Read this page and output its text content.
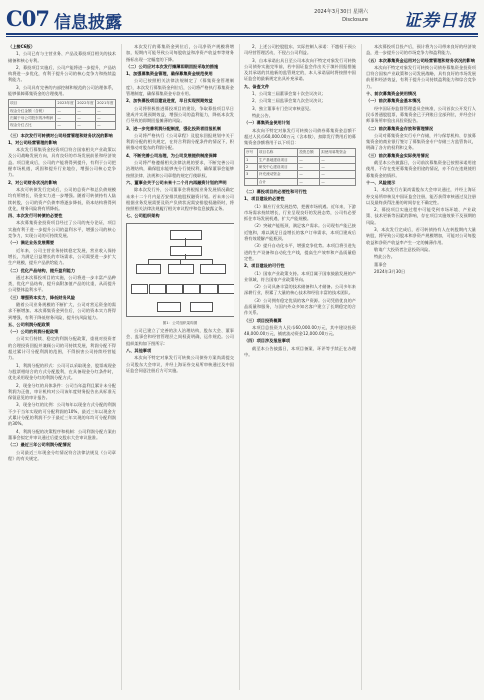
C07 信息披露
2024年3月30日 星期六
Disclosure 证券日报

（上接C6版）

1、公司已有与主营业务、产品及募投项目相关的技术储备和核心专利。

2、募投项目实施后，公司产能将进一步提升，产品结构将进一步优化，有利于提升公司的核心竞争力和持续盈利能力。

3、公司具有完善的内部控制和规范的公司治理体系，能够保障募集资金的合理使用。

项目	2023年度	2022年度	2021年度
现金分红金额（含税）	—	—	—
归属于母公司股东的净利润	—	—	—
现金分红占比	—	—	—

（三）本次发行可转债对公司经营管理和财务状况的影响

1、对公司经营管理的影响

本次发行募集资金投资项目符合国家相关产业政策以及公司战略发展方向，具有良好的市场发展前景和经济效益。项目建成后，公司的产能将得到提升，有利于公司把握市场机遇，巩固和提升行业地位，增强公司核心竞争力。

2、对公司财务状况的影响

本次可转债发行完成后，公司的总资产和总负债规模均有所增长，资金实力进一步增强。随着可转债持有人陆续转股，公司的资产负债率将逐步降低，资本结构将得到优化，财务风险将有所降低。

四、本次发行可转债的必要性

本次募集资金投资项目经过了公司的充分论证，项目实施有利于进一步提升公司的盈利水平，增强公司的核心竞争力，实现公司的可持续发展。

（一）满足业务发展需要

近年来，公司主营业务持续稳定发展，营业收入保持增长，为满足日益增长的市场需求，公司需要进一步扩大生产规模，提升产品供给能力。

（二）优化产品结构，提升盈利能力

通过本次募投项目的实施，公司将进一步丰富产品种类，优化产品结构，提升高附加值产品的比重，从而提升公司整体盈利水平。

（三）增强资本实力，降低财务风险

随着公司业务规模的不断扩大，公司对营运资金的需求不断增加。本次募集资金到位后，公司的资本实力将得到增强，有利于降低财务风险，提升抗风险能力。

五、公司利润分配政策

（一）公司的利润分配政策

公司实行持续、稳定的利润分配政策，重视对投资者的合理投资回报并兼顾公司的可持续发展，利润分配不得超过累计可分配利润的范围，不得损害公司持续经营能力。

1、利润分配的形式：公司可以采取现金、股票或现金与股票相结合的方式分配股利，在具备现金分红条件时，优先采用现金分红的利润分配方式。

2、现金分红的具体条件：公司当年盈利且累计未分配利润为正值，审计机构对公司该年度财务报告出具标准无保留意见的审计报告。

3、现金分红的比例：公司每年以现金方式分配的利润不少于当年实现的可分配利润的10%，最近三年以现金方式累计分配的利润不少于最近三年实现的年均可分配利润的30%。

4、利润分配的决策程序和机制：公司利润分配方案由董事会拟定并审议通过后提交股东大会审议批准。

（二）最近三年公司利润分配情况

公司最近三年现金分红情况符合法律法规及《公司章程》的有关规定。

本次发行的募集资金到位后，公司净资产规模将增加，短期内可能导致公司每股收益和净资产收益率等财务指标出现一定幅度的下降。

（二）公司应对本次发行摊薄即期回报采取的措施

1、加强募集资金管理，确保募集资金规范使用

公司已按照相关法律法规制定了《募集资金管理制度》，本次发行募集资金到位后，公司将严格执行募集资金管理制度，确保募集资金专款专用。

2、加快募投项目建设进度，早日实现预期效益

公司将积极推进募投项目的建设，争取募投项目早日建成并实现预期效益，增强公司的盈利能力，降低本次发行导致的即期回报摊薄的风险。

3、进一步完善利润分配制度，强化投资者回报机制

公司将严格执行《公司章程》及股东回报规划中关于利润分配的相关规定，在符合利润分配条件的情况下，积极推动对股东的利润分配。

4、不断完善公司治理，为公司发展提供制度保障

公司将严格遵循相关法律法规的要求，不断完善公司治理结构，确保股东能够充分行使权利，确保董事会能够按照法律、法规和公司章程的规定行使职权。

六、董事会关于公司未来十二个月内再融资计划的声明

除本次发行外，公司董事会将根据业务发展情况确定未来十二个月内是否安排其他股权融资计划。若未来公司根据业务发展需要及资产负债状况需安排股权融资时，将按照相关法律法规履行相关审议程序和信息披露义务。

七、公司组织架构

图1：公司组织架构图

公司已建立了完善的法人治理结构，股东大会、董事会、监事会和经营管理层之间权责明确，运作规范。公司组织架构如下图所示：

八、其他事项

本次向不特定对象发行可转换公司债券方案尚需提交公司股东大会审议，并经上海证券交易所审核通过及中国证监会同意注册后方可实施。

2、上述公司控股股东、实际控制人承诺：不越权干预公司经营管理活动，不侵占公司利益。

3、自本承诺出具日至公司本次向不特定对象发行可转换公司债券实施完毕前，若中国证监会作出关于填补回报措施及其承诺的其他新的监管规定的，本人承诺届时将按照中国证监会的最新规定出具补充承诺。

九、备查文件

1、公司第三届董事会第十次会议决议；

2、公司第三届监事会第九次会议决议；

3、独立董事专门会议审核意见。

特此公告。

（一）募集资金使用计划

本次向不特定对象发行可转换公司债券募集资金总额不超过人民币60,000.00万元（含本数），扣除发行费用后的募集资金净额将用于以下项目：

序号	项目名称	投资总额	拟使用募集资金
1	生产基地建设项目	—	—
2	研发中心建设项目	—	—
3	补充流动资金	—	—
	合计	—	—

（二）募投项目的必要性和可行性

1、项目建设的必要性

（1）顺应行业发展趋势，把握市场机遇。近年来，下游市场需求持续增长，行业呈现良好的发展态势，公司有必要抓住市场发展机遇，扩大产能规模。

（2）突破产能瓶颈，满足客户需求。公司现有产能已接近饱和，难以满足日益增长的客户订单需求，本项目建成后将有效缓解产能瓶颈。

（3）提升自动化水平，增强竞争优势。本项目将引进先进的生产设备和自动化生产线，提高生产效率和产品质量稳定性。

2、项目建设的可行性

（1）国家产业政策支持。本项目属于国家鼓励发展的产业领域，符合国家产业政策导向。

（2）公司具备丰富的技术储备和人才储备。公司多年来深耕行业，积累了大量的核心技术和经验丰富的技术团队。

（3）公司拥有稳定优质的客户资源。公司凭借优良的产品质量和服务，与国内外众多知名客户建立了长期稳定的合作关系。

（三）项目投资概算

本项目总投资为人民币60,000.00万元，其中建设投资48,000.00万元，铺底流动资金12,000.00万元。

（四）项目涉及报批事项

截至本公告披露日，本项目备案、环评等手续正在办理中。

本次募投项目投产后，预计将为公司带来良好的经济效益，进一步提升公司的市场竞争力和盈利能力。

（五）本次募集资金运用对公司经营管理和财务状况的影响

本次向不特定对象发行可转换公司债券募集资金投资项目符合国家产业政策和公司发展战略，具有良好的市场发展前景和经济效益，有利于提升公司持续盈利能力和综合竞争力。

十、前次募集资金使用情况

（一）前次募集资金基本情况

经中国证券监督管理委员会核准，公司首次公开发行人民币普通股股票，募集资金已于到账日全部到位，并经会计师事务所审验出具验资报告。

（二）前次募集资金存放和管理情况

公司对募集资金实行专户存储，并与保荐机构、存放募集资金的商业银行签订了募集资金专户存储三方监管协议，明确了各方的权利和义务。

（三）前次募集资金实际使用情况

截至本公告披露日，公司前次募集资金已按照承诺用途使用，不存在变更募集资金用途的情况，亦不存在违规使用募集资金的情形。

十一、风险提示

1、本次发行方案尚需股东大会审议通过，并经上海证券交易所审核及中国证监会注册，能否获得审核通过及注册以及最终获得注册的时间存在不确定性。

2、募投项目实施过程中可能受到市场环境、产业政策、技术更新等因素的影响，存在项目实施效果不及预期的风险。

3、本次发行完成后，若可转债持有人在转股期内大量转股，将导致公司股本和净资产规模增加，可能对公司每股收益和净资产收益率产生一定的摊薄作用。

敬请广大投资者注意投资风险。

特此公告。

董事会

2024年3月30日
